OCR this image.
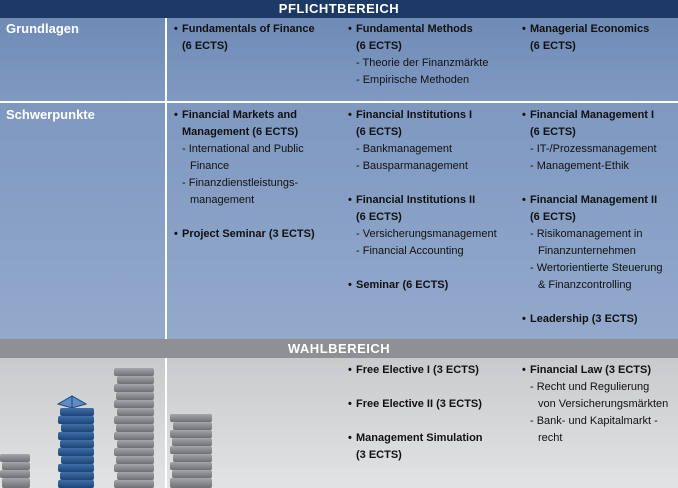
PFLICHTBEREICH
Grundlagen	• Fundamentals of Finance
(6 ECTS)
• Fundamental Methods
(6 ECTS)
- Theorie der Finanzmärkte
- Empirische Methoden
• Managerial Economics
(6 ECTS)
Schwerpunkte	• Financial Markets and
Management (6 ECTS)
- International and Public
Finance
- Finanzdienstleistungs-
management
• Project Seminar (3 ECTS)
• Financial Institutions I
(6 ECTS)
- Bankmanagement
- Bausparmanagement
• Financial Institutions II
(6 ECTS)
- Versicherungsmanagement
- Financial Accounting
• Seminar (6 ECTS)
• Financial Management I
(6 ECTS)
- IT-/Prozessmanagement
- Management-Ethik
• Financial Management II
(6 ECTS)
- Risikomanagement in
Finanzunternehmen
- Wertorientierte Steuerung
& Finanzcontrolling
• Leadership (3 ECTS)
WAHLBEREICH
• Free Elective I (3 ECTS)
• Free Elective II (3 ECTS)
• Management Simulation
(3 ECTS)
• Financial Law (3 ECTS)
- Recht und Regulierung
von Versicherungsmärkten
- Bank- und Kapitalmarkt -
recht
